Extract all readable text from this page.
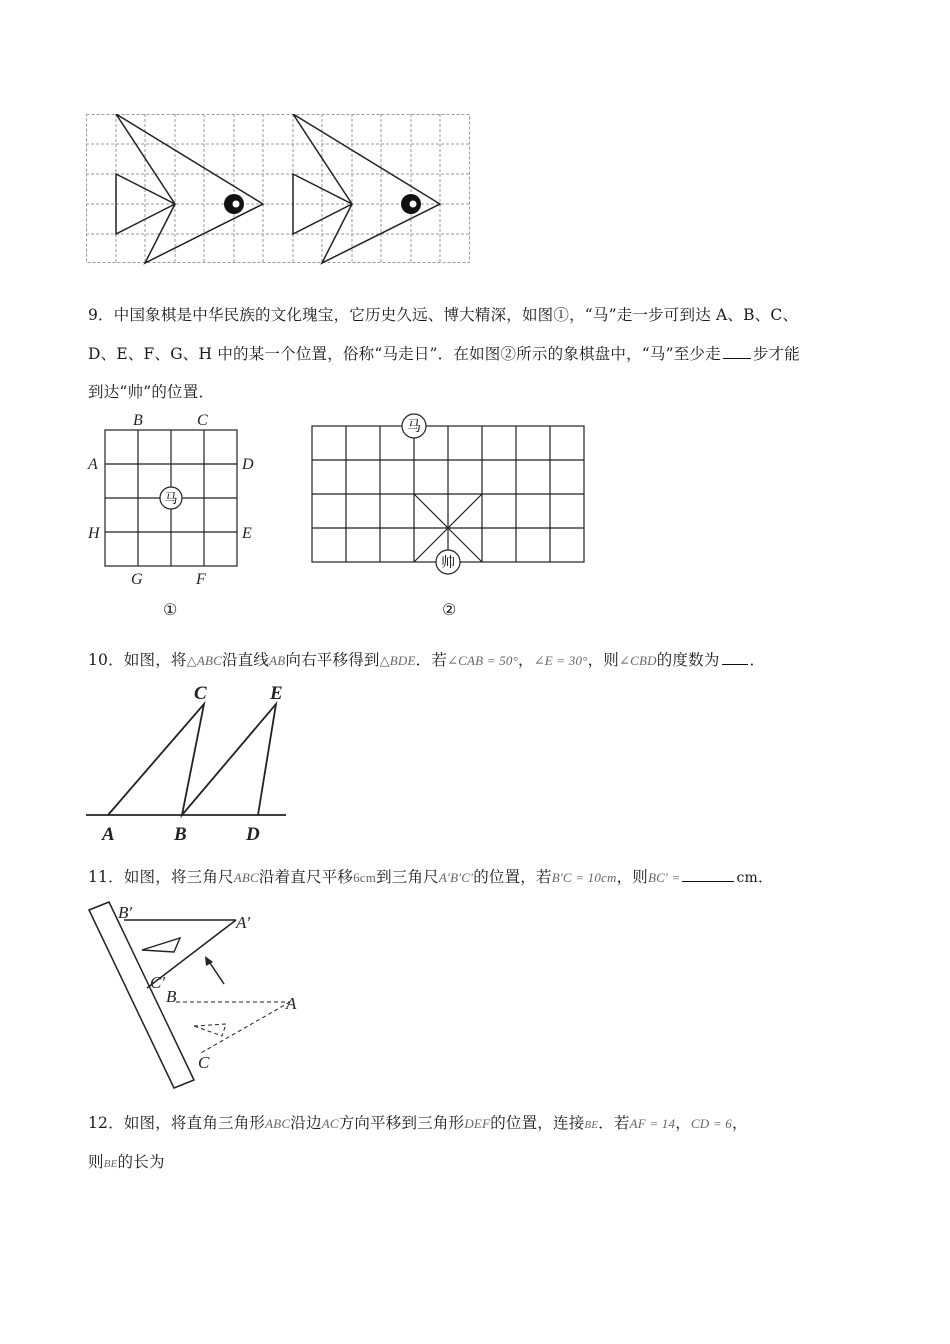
9．中国象棋是中华民族的文化瑰宝，它历史久远、博大精深，如图①，“马”走一步可到达 A、B、C、
D、E、F、G、H 中的某一个位置，俗称“马走日”．在如图②所示的象棋盘中，“马”至少走 步才能
到达“帅”的位置．
马
B	C
A	D
H	E
G	F
①
马
帅
②
10．如图，将△ABC沿直线AB向右平移得到△BDE．若∠CAB = 50°，∠E = 30°，则∠CBD的度数为 ．
A	B	D
C	E
11．如图，将三角尺ABC沿着直尺平移6cm到三角尺A′B′C′的位置，若B′C = 10cm，则BC′ =	cm．
B′
A′
C′
B	A
C
12．如图，将直角三角形ABC沿边AC方向平移到三角形DEF的位置，连接BE．若AF = 14，CD = 6，
则BE的长为
